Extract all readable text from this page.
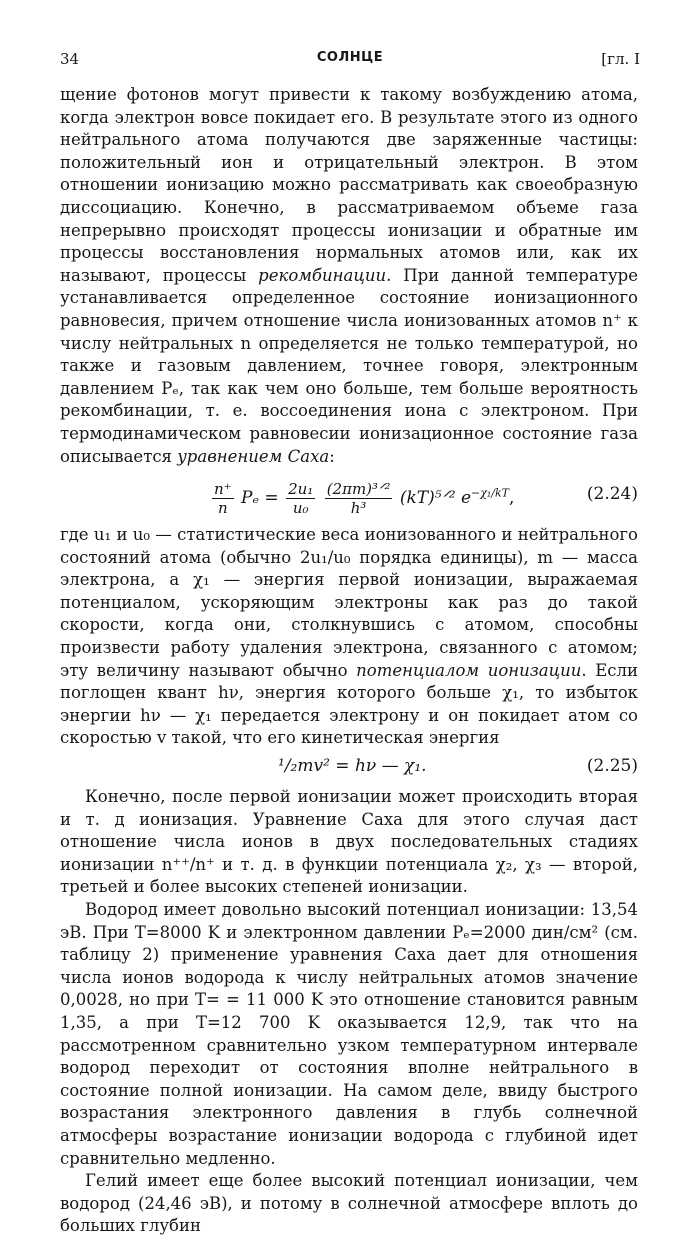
34	СОЛНЦЕ	[гл. I

щение фотонов могут привести к такому возбуждению атома, когда электрон вовсе покидает его. В результате этого из одного нейтрального атома получаются две заряженные частицы: положительный ион и отрицательный электрон. В этом отношении ионизацию можно рассматривать как своеобразную диссоциацию. Конечно, в рассматриваемом объеме газа непрерывно происходят процессы ионизации и обратные им процессы восстановления нормальных атомов или, как их называют, процессы рекомбинации. При данной температуре устанавливается определенное состояние ионизационного равновесия, причем отношение числа ионизованных атомов n⁺ к числу нейтральных n определяется не только температурой, но также и газовым давлением, точнее говоря, электронным давлением Pₑ, так как чем оно больше, тем больше вероятность рекомбинации, т. е. воссоединения иона с электроном. При термодинамическом равновесии ионизационное состояние газа описывается уравнением Саха:

$\frac{n^+}{n}$ $P_e = \frac{\text{2u₁}}{\text{u₀}}$
$\frac{\text{(2πm)³ᐟ²}}{\text{h³}}$ (kT)⁵ᐟ² $e^{-\chi_1/kT}$,	(2.24)

где u₁ и u₀ — статистические веса ионизованного и нейтрального состояний атома (обычно 2u₁/u₀ порядка единицы), m — масса электрона, а χ₁ — энергия первой ионизации, выражаемая потенциалом, ускоряющим электроны как раз до такой скорости, когда они, столкнувшись с атомом, способны произвести работу удаления электрона, связанного с атомом; эту величину называют обычно потенциалом ионизации. Если поглощен квант hν, энергия которого больше χ₁, то избыток энергии hν — χ₁ передается электрону и он покидает атом со скоростью v такой, что его кинетическая энергия

¹/₂mv² = hν — χ₁.	(2.25)

Конечно, после первой ионизации может происходить вторая и т. д ионизация. Уравнение Саха для этого случая даст отношение числа ионов в двух последовательных стадиях ионизации n⁺⁺/n⁺ и т. д. в функции потенциала χ₂, χ₃ — второй, третьей и более высоких степеней ионизации.

Водород имеет довольно высокий потенциал ионизации: 13,54 эВ. При T=8000 K и электронном давлении Pₑ=2000 дин/см² (см. таблицу 2) применение уравнения Саха дает для отношения числа ионов водорода к числу нейтральных атомов значение 0,0028, но при T= = 11 000 K это отношение становится равным 1,35, а при T=12 700 K оказывается 12,9, так что на рассмотренном сравнительно узком температурном интервале водород переходит от состояния вполне нейтрального в состояние полной ионизации. На самом деле, ввиду быстрого возрастания электронного давления в глубь солнечной атмосферы возрастание ионизации водорода с глубиной идет сравнительно медленно.

Гелий имеет еще более высокий потенциал ионизации, чем водород (24,46 эВ), и потому в солнечной атмосфере вплоть до больших глубин
